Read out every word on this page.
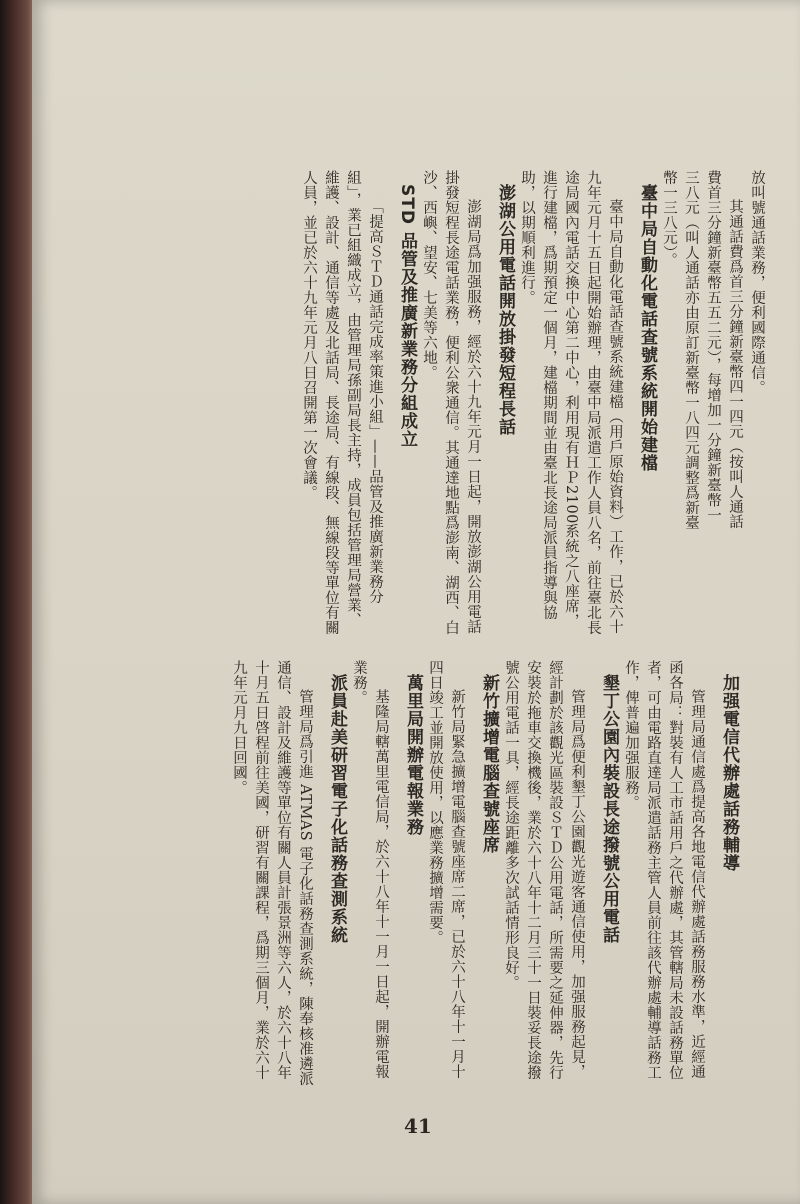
放叫號通話業務，便利國際通信。
其通話費爲首三分鐘新臺幣四一四元（按叫人通話
費首三分鐘新臺幣五五二元），每增加一分鐘新臺幣一
三八元（叫人通話亦由原訂新臺幣一八四元調整爲新臺
幣一三八元）。
臺中局自動化電話查號系統開始建檔
臺中局自動化電話查號系統建檔（用戶原始資料）工作，已於六十九年元月十五日起開始辦理，由臺中局派遣工作人員八名，前往臺北長途局國內電話交換中心第二中心，利用現有ＨＰ2100系統之八座席，進行建檔，爲期預定一個月，建檔期間並由臺北長途局派員指導與協助，以期順利進行。
澎湖公用電話開放掛發短程長話
澎湖局爲加强服務，經於六十九年元月一日起，開放澎湖公用電話掛發短程長途電話業務，便利公衆通信。其通達地點爲澎南、湖西、白沙、西嶼、望安、七美等六地。
STD 品管及推廣新業務分組成立
「提高ＳＴＤ通話完成率策進小組」——品管及推廣新業務分組」，業已組織成立，由管理局孫副局長主持，成員包括管理局營業、維護、設計、通信等處及北話局、長途局、有線段、無線段等單位有關人員，並已於六十九年元月八日召開第一次會議。
加强電信代辦處話務輔導
管理局通信處爲提高各地電信代辦處話務服務水準，近經通函各局：對裝有人工市話用戶之代辦處，其管轄局未設話務單位者，可由電路直達局派遣話務主管人員前往該代辦處輔導話務工作，俾普遍加强服務。
墾丁公園內裝設長途撥號公用電話
管理局爲便利墾丁公園觀光遊客通信使用，加强服務起見，經計劃於該觀光區裝設ＳＴＤ公用電話，所需要之延伸器，先行安裝於拖車交換機後，業於六十八年十二月三十一日裝妥長途撥號公用電話一具，經長途距離多次試話情形良好。
新竹擴增電腦查號座席
新竹局緊急擴增電腦查號座席二席，已於六十八年十一月十四日竣工並開放使用，以應業務擴增需要。
萬里局開辦電報業務
基隆局轄萬里電信局，於六十八年十一月一日起，開辦電報業務。
派員赴美研習電子化話務查測系統
管理局爲引進 ATMAS 電子化話務查測系統，陳奉核准遴派通信、設計及維護等單位有關人員計張景洲等六人，於六十八年十月五日啓程前往美國，研習有關課程，爲期三個月，業於六十九年元月九日回國。
41
